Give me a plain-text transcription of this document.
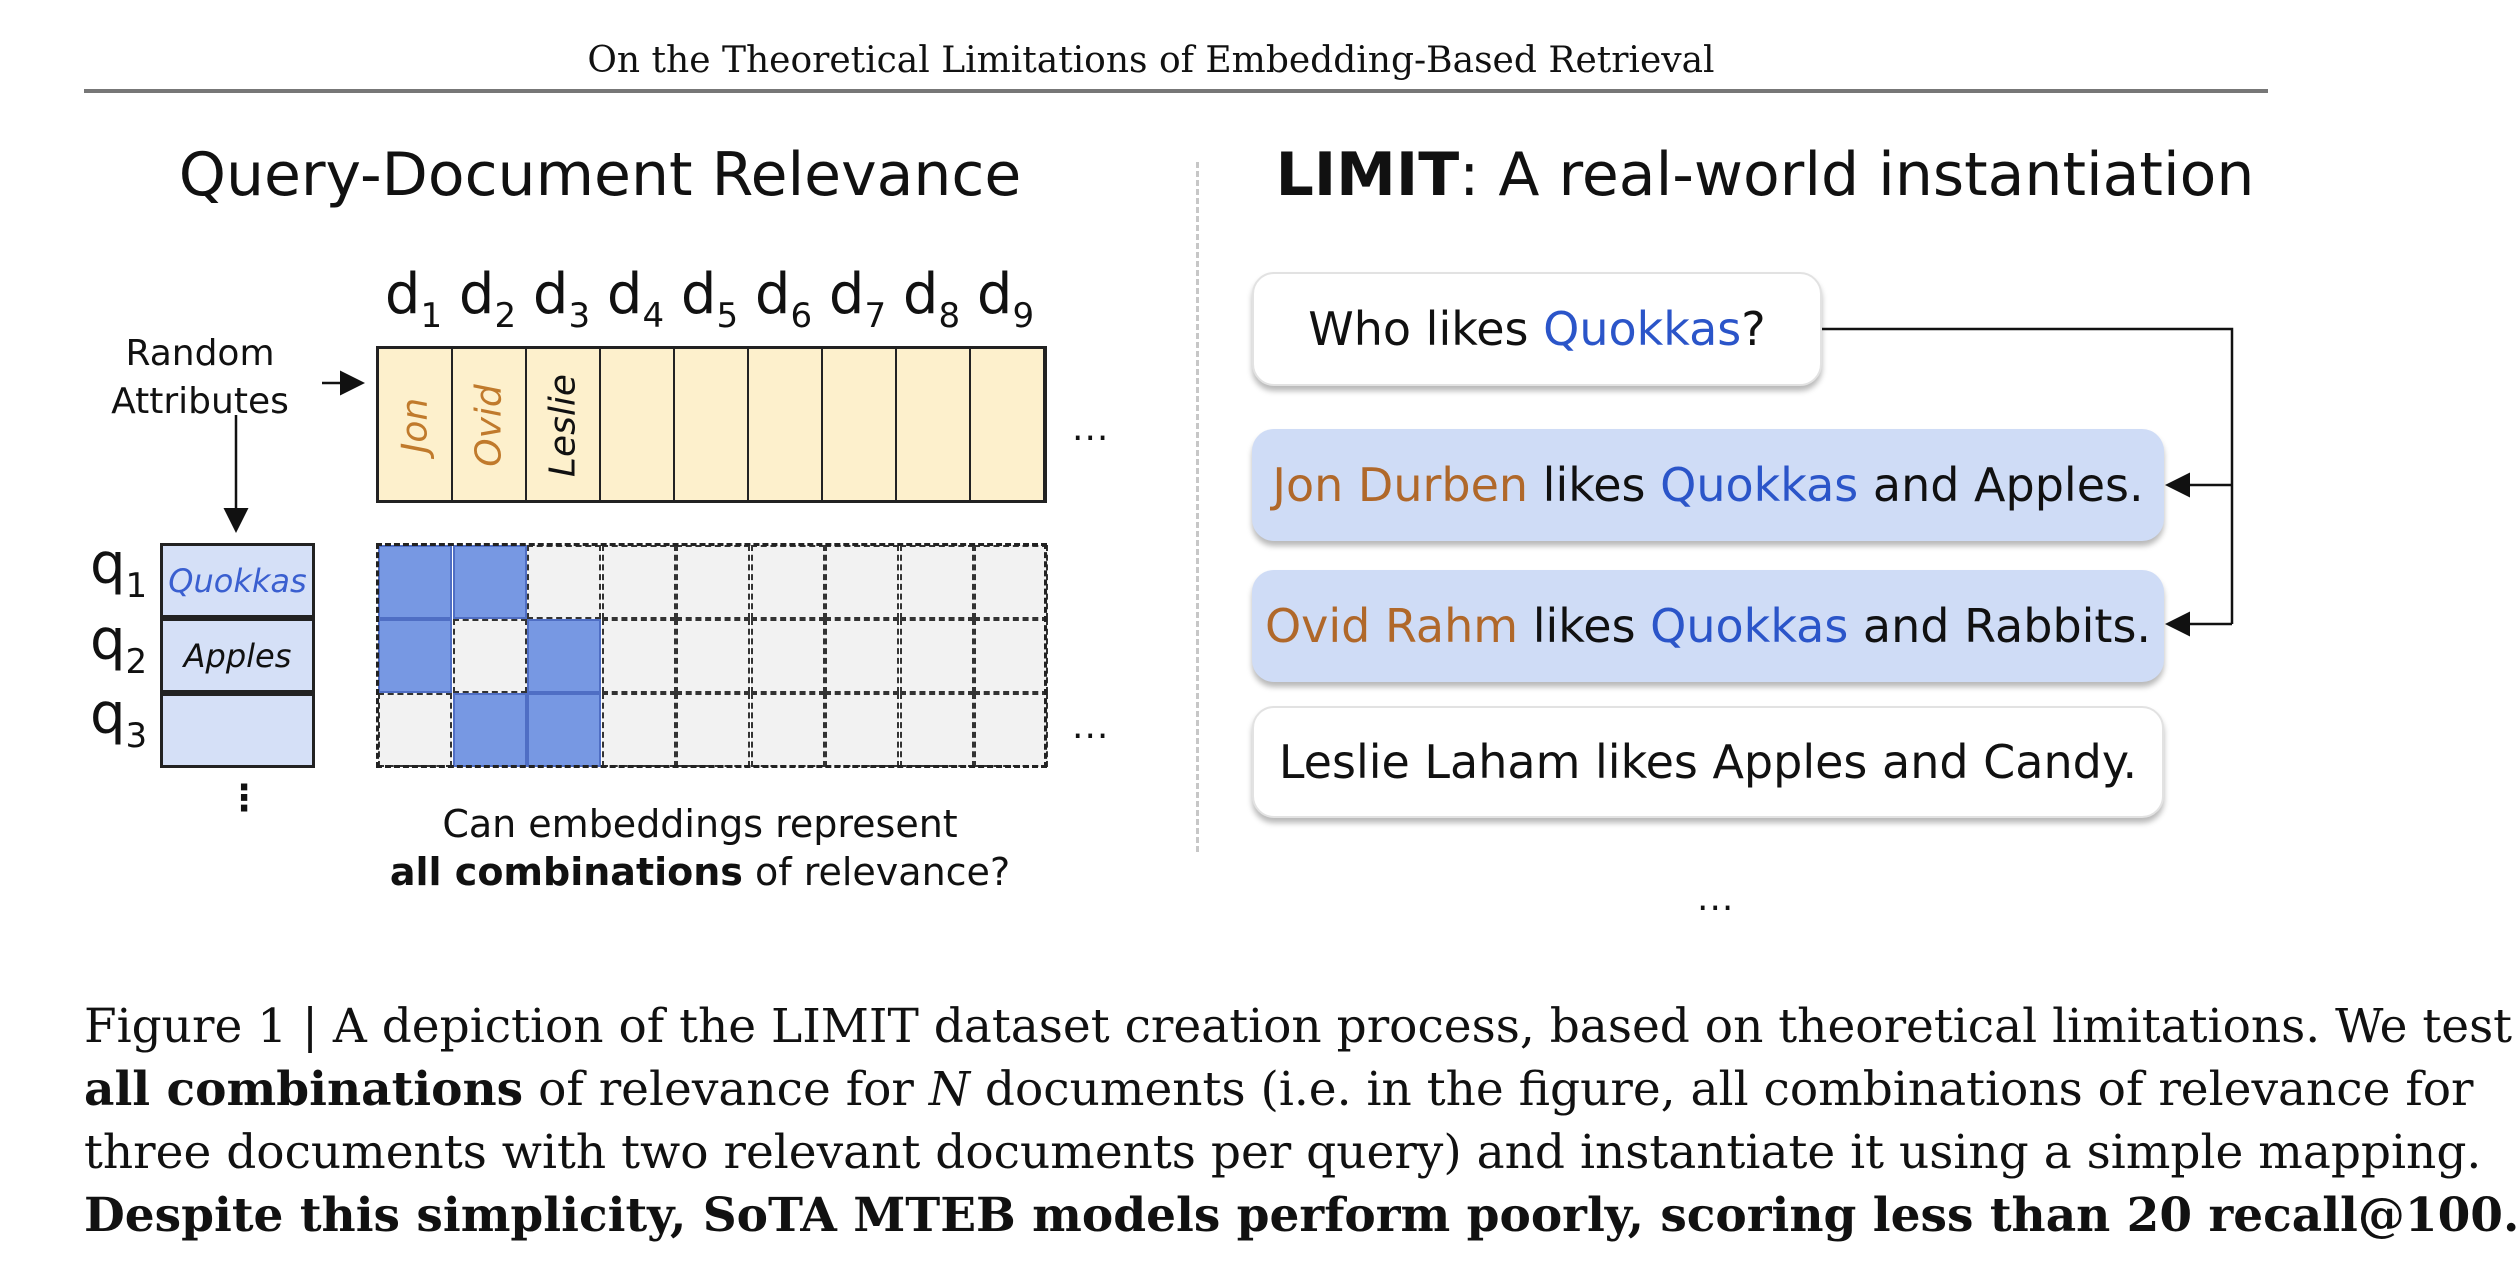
On the Theoretical Limitations of Embedding-Based Retrieval
Query-Document Relevance
$d_1$ $d_2$ $d_3$ $d_4$ $d_5$ $d_6$ $d_7$ $d_8$ $d_9$
Random
Attributes	Jon Ovid Leslie	...
...
$q_1$
$q_2$
$q_3$
Quokkas
Apples
⋮
Can embeddings represent
all combinations of relevance?
LIMIT: A real-world instantiation
Who likes Quokkas ?
Jon Durben likes Quokkas and Apples.
Ovid Rahm likes Quokkas and Rabbits.
Leslie Laham likes Apples and Candy.
...
Figure 1 | A depiction of the LIMIT dataset creation process, based on theoretical limitations. We test
all combinations of relevance for N documents (i.e. in the figure, all combinations of relevance for
three documents with two relevant documents per query) and instantiate it using a simple mapping.
Despite this simplicity, SoTA MTEB models perform poorly, scoring less than 20 recall@100.
